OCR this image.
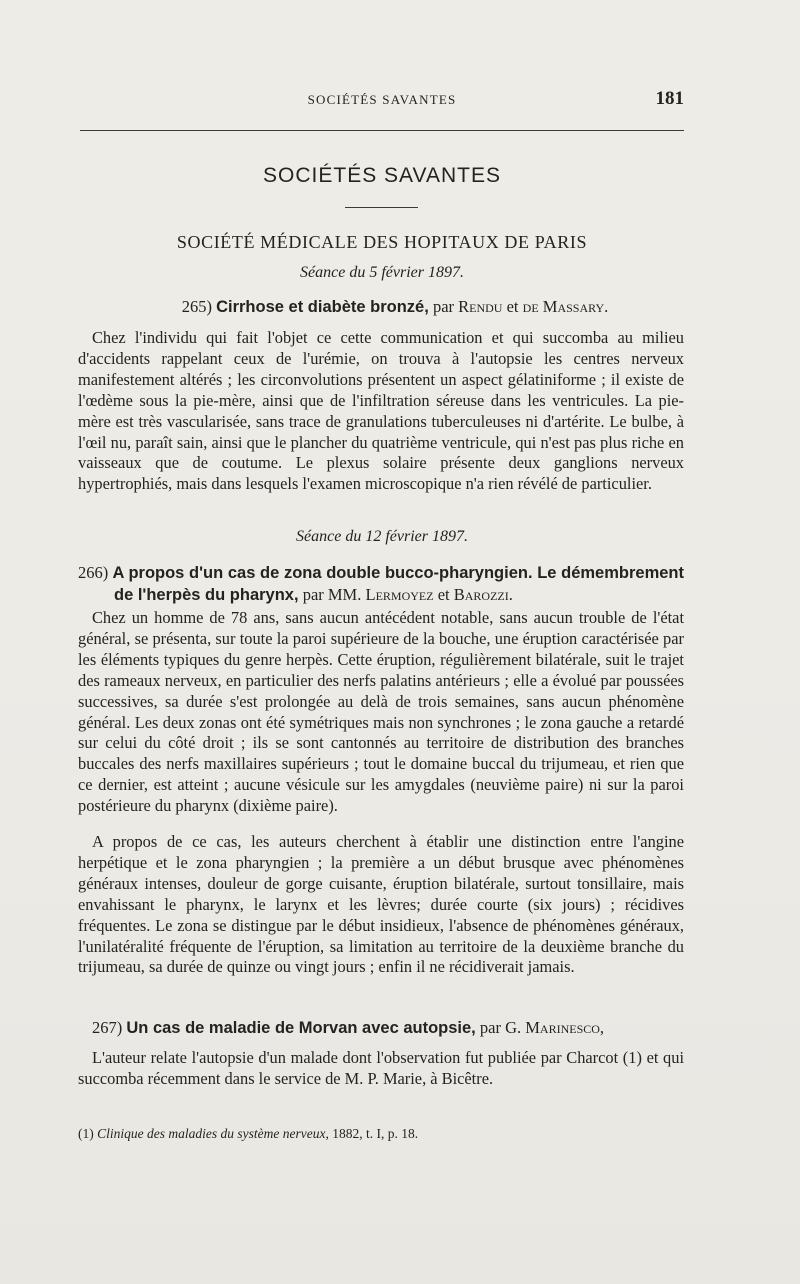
SOCIÉTÉS SAVANTES	181
SOCIÉTÉS SAVANTES
SOCIÉTÉ MÉDICALE DES HOPITAUX DE PARIS
Séance du 5 février 1897.
265) Cirrhose et diabète bronzé, par Rendu et de Massary.

Chez l'individu qui fait l'objet ce cette communication et qui succomba au milieu d'accidents rappelant ceux de l'urémie, on trouva à l'autopsie les centres nerveux manifestement altérés ; les circonvolutions présentent un aspect gélatiniforme ; il existe de l'œdème sous la pie-mère, ainsi que de l'infiltration séreuse dans les ventricules. La pie-mère est très vascularisée, sans trace de granulations tuberculeuses ni d'artérite. Le bulbe, à l'œil nu, paraît sain, ainsi que le plancher du quatrième ventricule, qui n'est pas plus riche en vaisseaux que de coutume. Le plexus solaire présente deux ganglions nerveux hypertrophiés, mais dans lesquels l'examen microscopique n'a rien révélé de particulier.

Séance du 12 février 1897.
266) A propos d'un cas de zona double bucco-pharyngien. Le démembrement de l'herpès du pharynx, par MM. Lermoyez et Barozzi.

Chez un homme de 78 ans, sans aucun antécédent notable, sans aucun trouble de l'état général, se présenta, sur toute la paroi supérieure de la bouche, une éruption caractérisée par les éléments typiques du genre herpès. Cette éruption, régulièrement bilatérale, suit le trajet des rameaux nerveux, en particulier des nerfs palatins antérieurs ; elle a évolué par poussées successives, sa durée s'est prolongée au delà de trois semaines, sans aucun phénomène général. Les deux zonas ont été symétriques mais non synchrones ; le zona gauche a retardé sur celui du côté droit ; ils se sont cantonnés au territoire de distribution des branches buccales des nerfs maxillaires supérieurs ; tout le domaine buccal du trijumeau, et rien que ce dernier, est atteint ; aucune vésicule sur les amygdales (neuvième paire) ni sur la paroi postérieure du pharynx (dixième paire).

A propos de ce cas, les auteurs cherchent à établir une distinction entre l'angine herpétique et le zona pharyngien ; la première a un début brusque avec phénomènes généraux intenses, douleur de gorge cuisante, éruption bilatérale, surtout tonsillaire, mais envahissant le pharynx, le larynx et les lèvres; durée courte (six jours) ; récidives fréquentes. Le zona se distingue par le début insidieux, l'absence de phénomènes généraux, l'unilatéralité fréquente de l'éruption, sa limitation au territoire de la deuxième branche du trijumeau, sa durée de quinze ou vingt jours ; enfin il ne récidiverait jamais.

267) Un cas de maladie de Morvan avec autopsie, par G. Marinesco,

L'auteur relate l'autopsie d'un malade dont l'observation fut publiée par Charcot (1) et qui succomba récemment dans le service de M. P. Marie, à Bicêtre.

(1) Clinique des maladies du système nerveux, 1882, t. I, p. 18.
